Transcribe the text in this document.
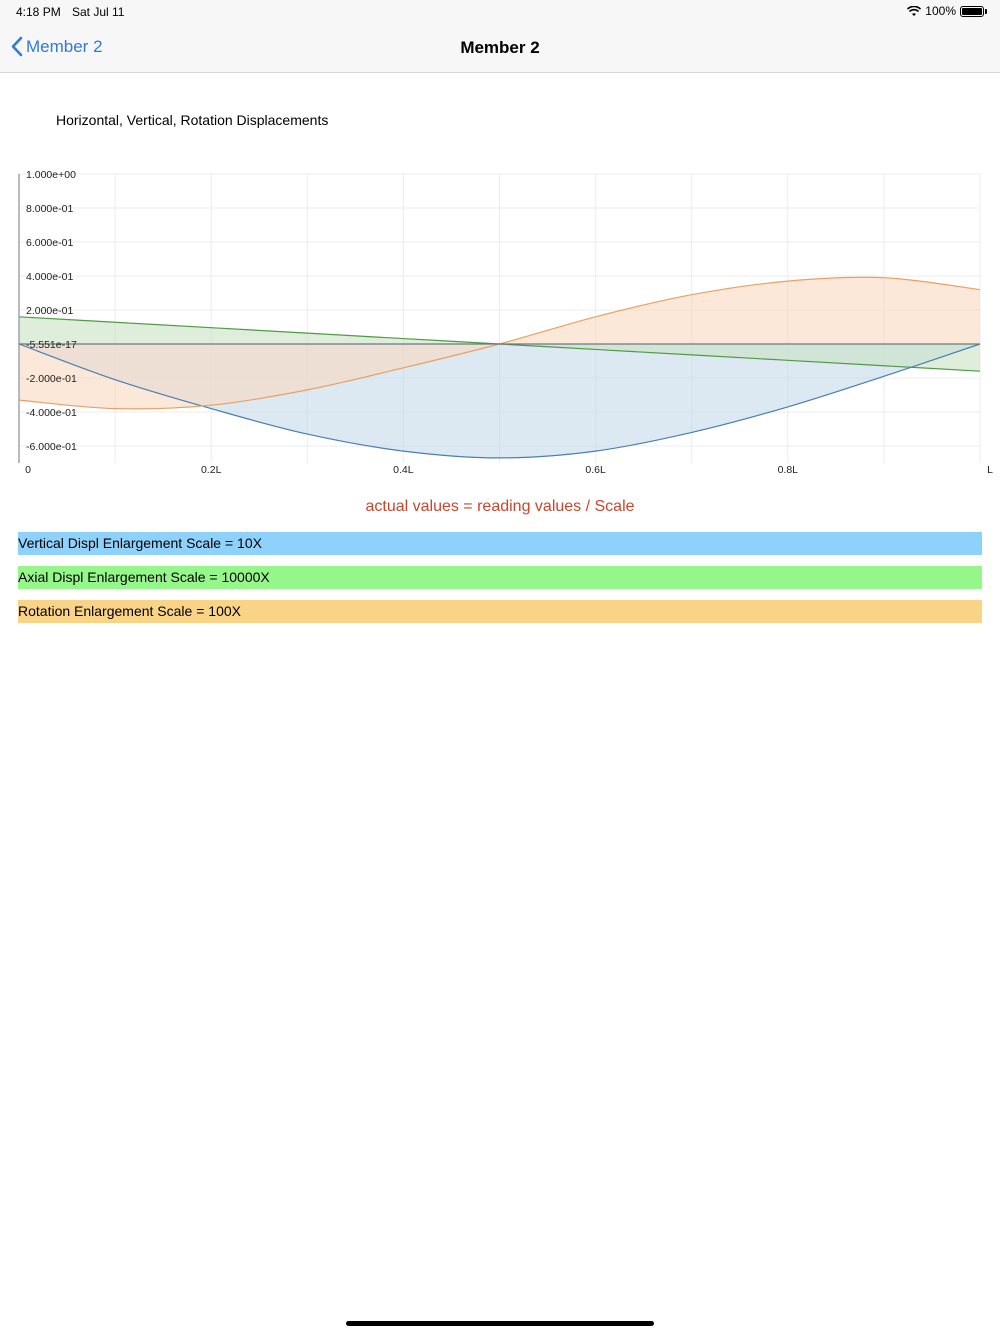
4:18 PM Sat Jul 11	100%
Member 2	Member 2
Horizontal, Vertical, Rotation Displacements
1.000e+00
8.000e-01
6.000e-01
4.000e-01
2.000e-01
-5.551e-17
-2.000e-01
-4.000e-01
-6.000e-01
0	0.2L	0.4L	0.6L	0.8L	L
actual values = reading values / Scale
Vertical Displ Enlargement Scale = 10X
Axial Displ Enlargement Scale = 10000X
Rotation Enlargement Scale = 100X
